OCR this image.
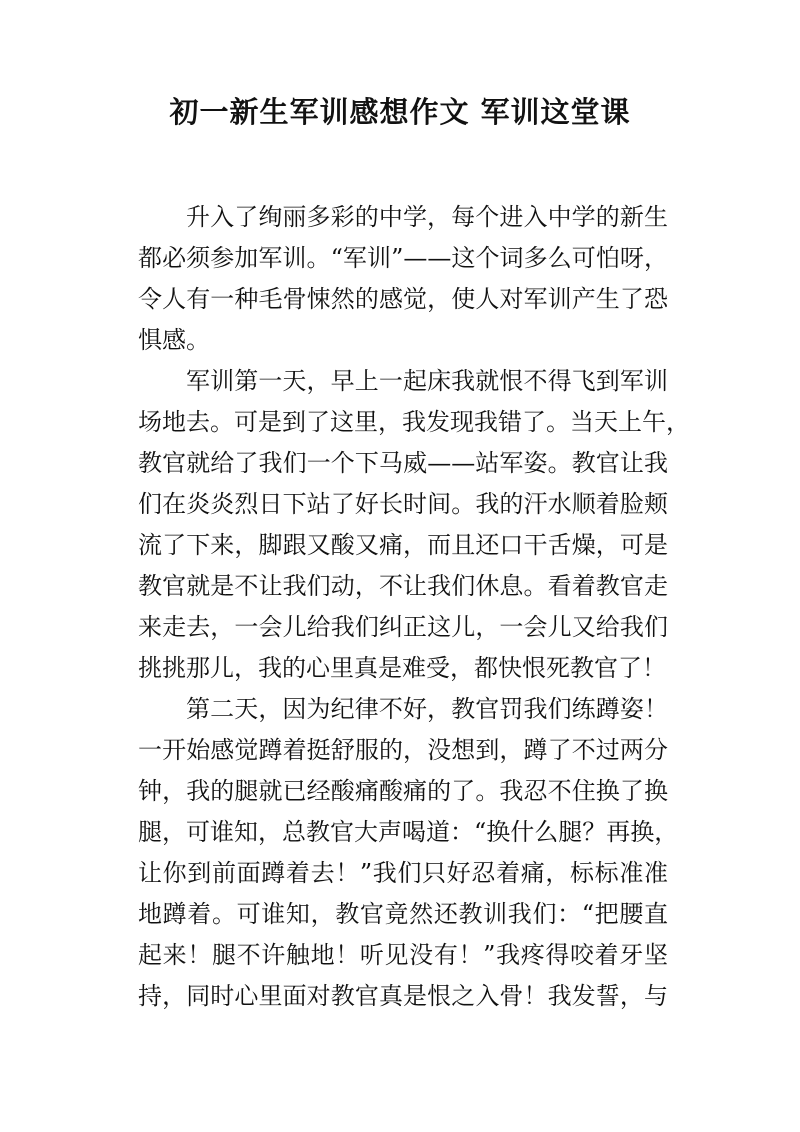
初一新生军训感想作文 军训这堂课
升入了绚丽多彩的中学，每个进入中学的新生
都必须参加军训。“军训”——这个词多么可怕呀，
令人有一种毛骨悚然的感觉，使人对军训产生了恐
惧感。
军训第一天，早上一起床我就恨不得飞到军训
场地去。可是到了这里，我发现我错了。当天上午，
教官就给了我们一个下马威——站军姿。教官让我
们在炎炎烈日下站了好长时间。我的汗水顺着脸颊
流了下来，脚跟又酸又痛，而且还口干舌燥，可是
教官就是不让我们动，不让我们休息。看着教官走
来走去，一会儿给我们纠正这儿，一会儿又给我们
挑挑那儿，我的心里真是难受，都快恨死教官了！
第二天，因为纪律不好，教官罚我们练蹲姿！
一开始感觉蹲着挺舒服的，没想到，蹲了不过两分
钟，我的腿就已经酸痛酸痛的了。我忍不住换了换
腿，可谁知，总教官大声喝道：“换什么腿？再换，
让你到前面蹲着去！”我们只好忍着痛，标标准准
地蹲着。可谁知，教官竟然还教训我们：“把腰直
起来！腿不许触地！听见没有！”我疼得咬着牙坚
持，同时心里面对教官真是恨之入骨！我发誓，与
